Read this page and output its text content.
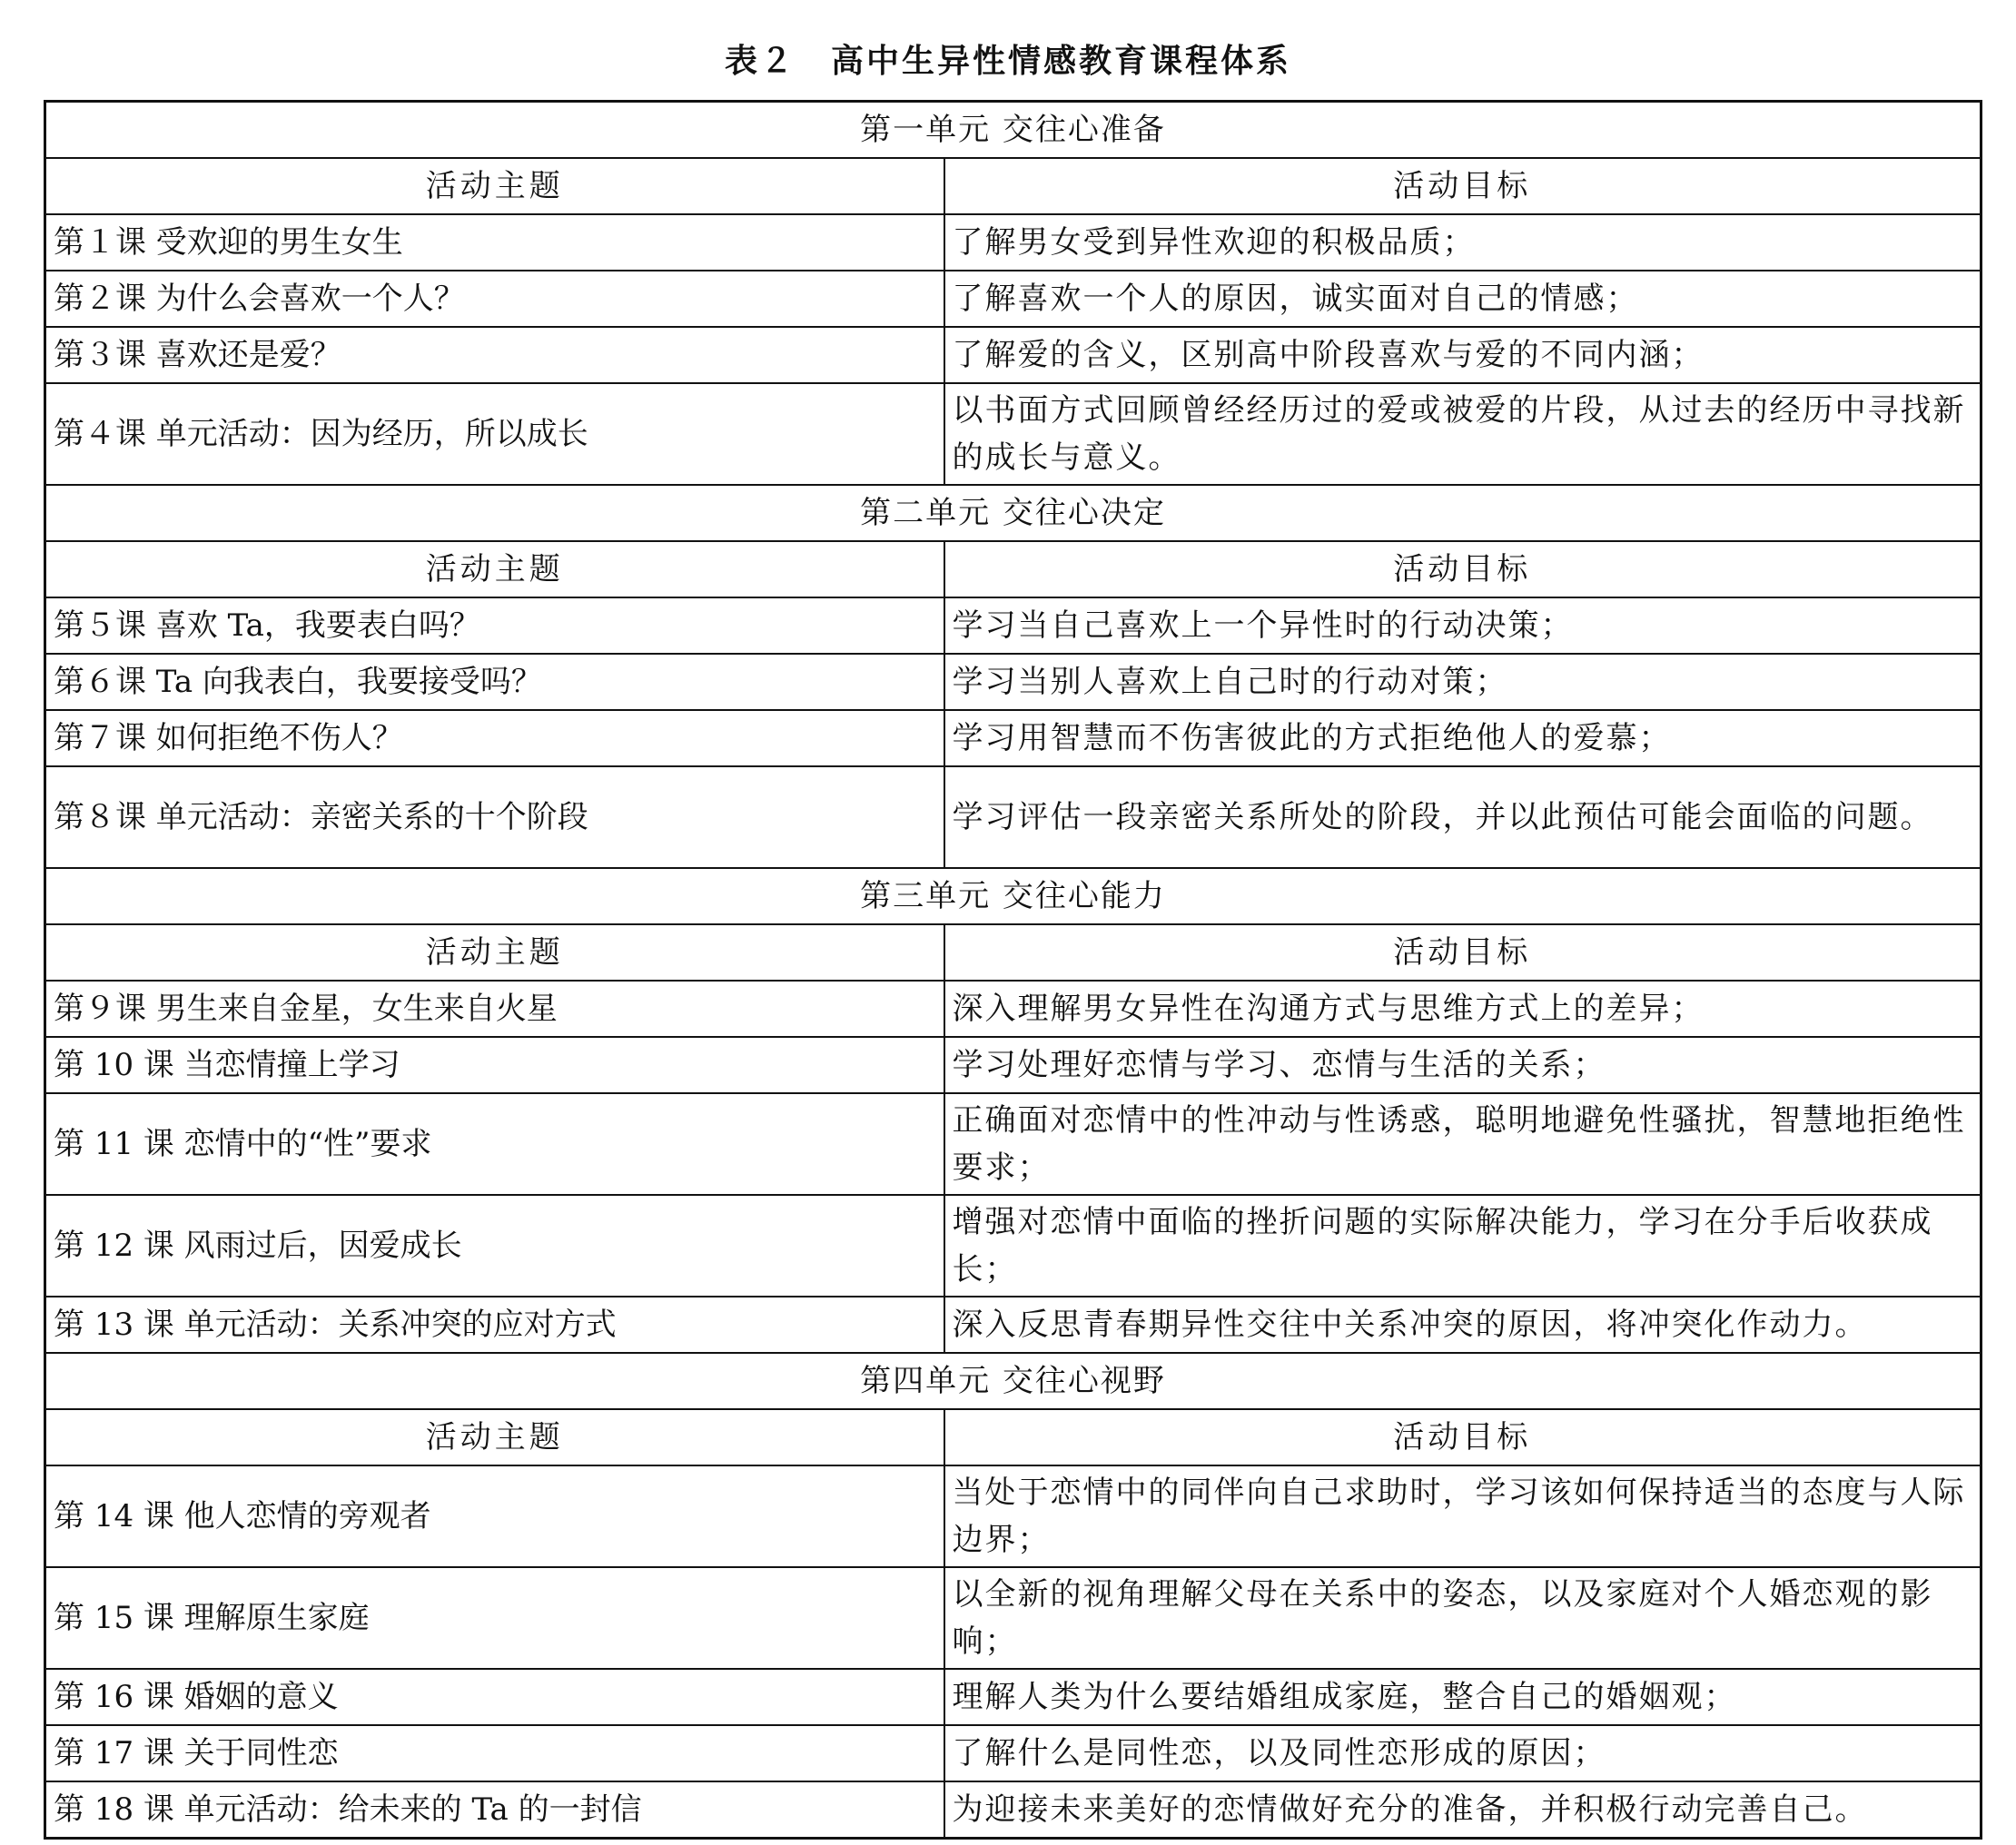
表２　高中生异性情感教育课程体系
第一单元 交往心准备	
活动主题	活动目标
第１课 受欢迎的男生女生	了解男女受到异性欢迎的积极品质；
第２课 为什么会喜欢一个人？	了解喜欢一个人的原因，诚实面对自己的情感；
第３课 喜欢还是爱？	了解爱的含义，区别高中阶段喜欢与爱的不同内涵；
第４课 单元活动：因为经历，所以成长	以书面方式回顾曾经经历过的爱或被爱的片段，从过去的经历中寻找新的成长与意义。
第二单元 交往心决定	
活动主题	活动目标
第５课 喜欢 Ta，我要表白吗？	学习当自己喜欢上一个异性时的行动决策；
第６课 Ta 向我表白，我要接受吗？	学习当别人喜欢上自己时的行动对策；
第７课 如何拒绝不伤人？	学习用智慧而不伤害彼此的方式拒绝他人的爱慕；
第８课 单元活动：亲密关系的十个阶段	学习评估一段亲密关系所处的阶段，并以此预估可能会面临的问题。
第三单元 交往心能力	
活动主题	活动目标
第９课 男生来自金星，女生来自火星	深入理解男女异性在沟通方式与思维方式上的差异；
第 10 课 当恋情撞上学习	学习处理好恋情与学习、恋情与生活的关系；
第 11 课 恋情中的“性”要求	正确面对恋情中的性冲动与性诱惑，聪明地避免性骚扰，智慧地拒绝性要求；
第 12 课 风雨过后，因爱成长	增强对恋情中面临的挫折问题的实际解决能力，学习在分手后收获成长；
第 13 课 单元活动：关系冲突的应对方式	深入反思青春期异性交往中关系冲突的原因，将冲突化作动力。
第四单元 交往心视野	
活动主题	活动目标
第 14 课 他人恋情的旁观者	当处于恋情中的同伴向自己求助时，学习该如何保持适当的态度与人际边界；
第 15 课 理解原生家庭	以全新的视角理解父母在关系中的姿态，以及家庭对个人婚恋观的影响；
第 16 课 婚姻的意义	理解人类为什么要结婚组成家庭，整合自己的婚姻观；
第 17 课 关于同性恋	了解什么是同性恋，以及同性恋形成的原因；
第 18 课 单元活动：给未来的 Ta 的一封信	为迎接未来美好的恋情做好充分的准备，并积极行动完善自己。
